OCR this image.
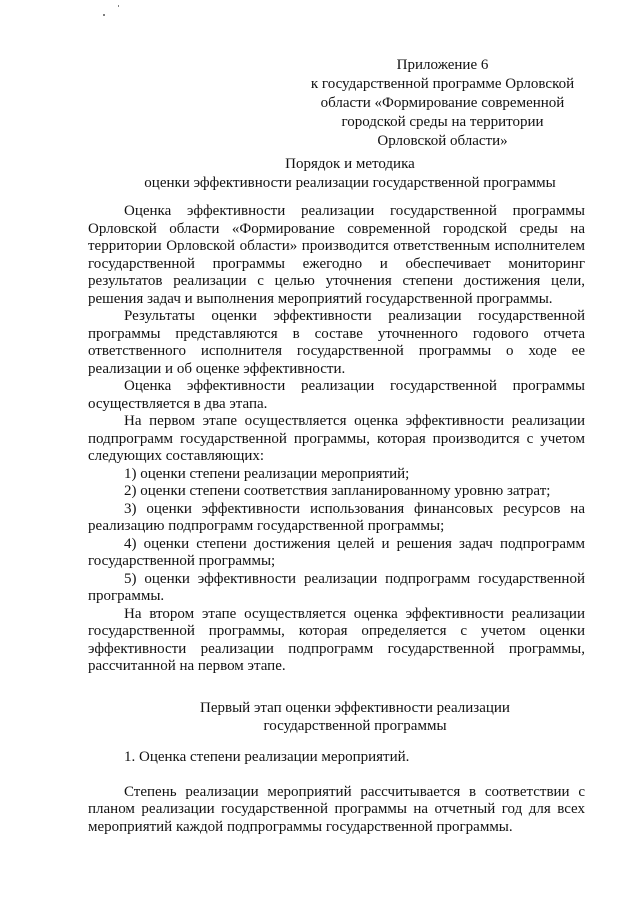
Приложение 6
к государственной программе Орловской
области «Формирование современной
городской среды на территории
Орловской области»
Порядок и методика
оценки эффективности реализации государственной программы

Оценка эффективности реализации государственной программы Орловской области «Формирование современной городской среды на территории Орловской области» производится ответственным исполнителем государственной программы ежегодно и обеспечивает мониторинг результатов реализации с целью уточнения степени достижения цели, решения задач и выполнения мероприятий государственной программы.

Результаты оценки эффективности реализации государственной программы представляются в составе уточненного годового отчета ответственного исполнителя государственной программы о ходе ее реализации и об оценке эффективности.

Оценка эффективности реализации государственной программы осуществляется в два этапа.

На первом этапе осуществляется оценка эффективности реализации подпрограмм государственной программы, которая производится с учетом следующих составляющих:

1) оценки степени реализации мероприятий;

2) оценки степени соответствия запланированному уровню затрат;

3) оценки эффективности использования финансовых ресурсов на реализацию подпрограмм государственной программы;

4) оценки степени достижения целей и решения задач подпрограмм государственной программы;

5) оценки эффективности реализации подпрограмм государственной программы.

На втором этапе осуществляется оценка эффективности реализации государственной программы, которая определяется с учетом оценки эффективности реализации подпрограмм государственной программы, рассчитанной на первом этапе.

Первый этап оценки эффективности реализации
государственной программы

1. Оценка степени реализации мероприятий.

Степень реализации мероприятий рассчитывается в соответствии с планом реализации государственной программы на отчетный год для всех мероприятий каждой подпрограммы государственной программы.
